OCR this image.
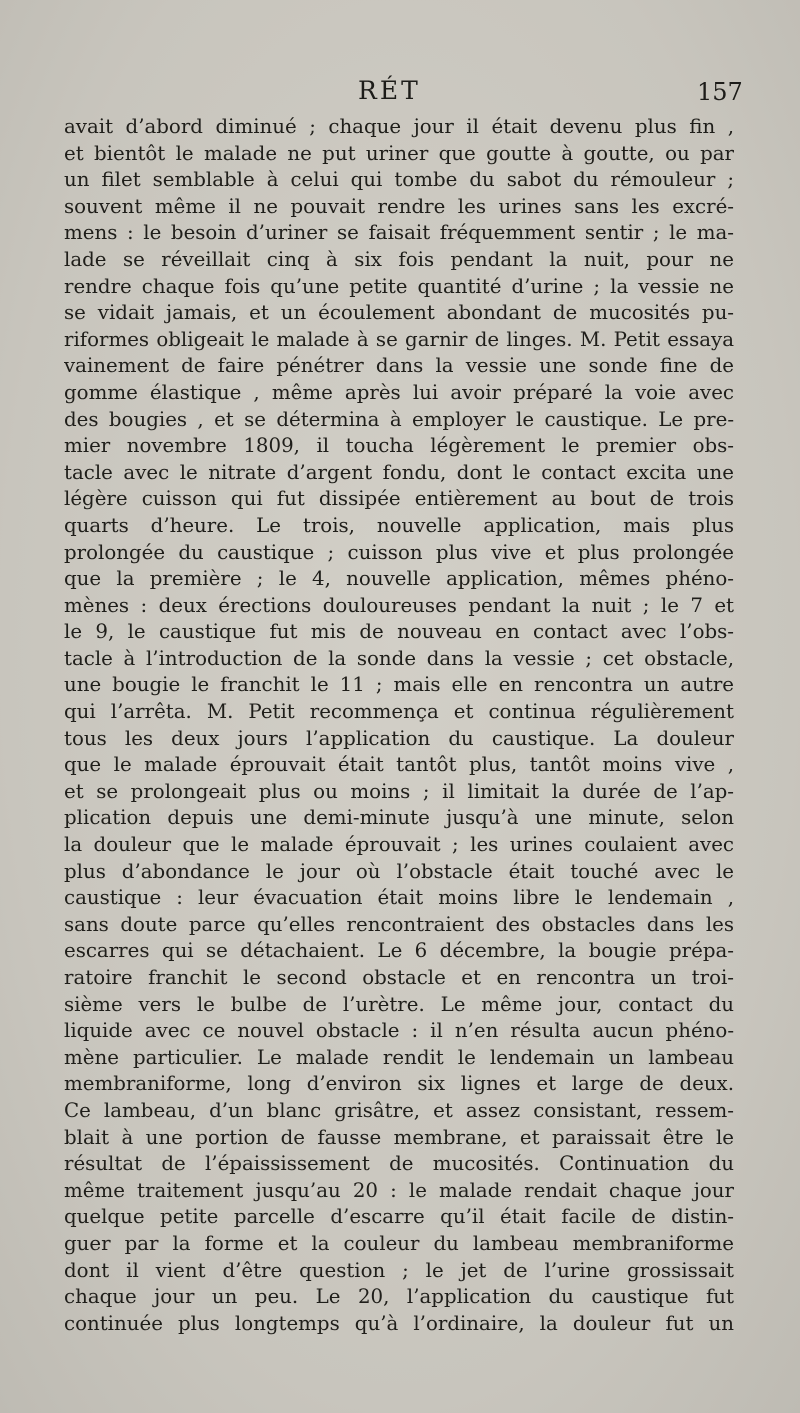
RÉT	157
avait d’abord diminué ; chaque jour il était devenu plus fin ,
et bientôt le malade ne put uriner que goutte à goutte, ou par
un filet semblable à celui qui tombe du sabot du rémouleur ;
souvent même il ne pouvait rendre les urines sans les excré-
mens : le besoin d’uriner se faisait fréquemment sentir ; le ma-
lade se réveillait cinq à six fois pendant la nuit, pour ne
rendre chaque fois qu’une petite quantité d’urine ; la vessie ne
se vidait jamais, et un écoulement abondant de mucosités pu-
riformes obligeait le malade à se garnir de linges. M. Petit essaya
vainement de faire pénétrer dans la vessie une sonde fine de
gomme élastique , même après lui avoir préparé la voie avec
des bougies , et se détermina à employer le caustique. Le pre-
mier novembre 1809, il toucha légèrement le premier obs-
tacle avec le nitrate d’argent fondu, dont le contact excita une
légère cuisson qui fut dissipée entièrement au bout de trois
quarts d’heure. Le trois, nouvelle application, mais plus
prolongée du caustique ; cuisson plus vive et plus prolongée
que la première ; le 4, nouvelle application, mêmes phéno-
mènes : deux érections douloureuses pendant la nuit ; le 7 et
le 9, le caustique fut mis de nouveau en contact avec l’obs-
tacle à l’introduction de la sonde dans la vessie ; cet obstacle,
une bougie le franchit le 11 ; mais elle en rencontra un autre
qui l’arrêta. M. Petit recommença et continua régulièrement
tous les deux jours l’application du caustique. La douleur
que le malade éprouvait était tantôt plus, tantôt moins vive ,
et se prolongeait plus ou moins ; il limitait la durée de l’ap-
plication depuis une demi-minute jusqu’à une minute, selon
la douleur que le malade éprouvait ; les urines coulaient avec
plus d’abondance le jour où l’obstacle était touché avec le
caustique : leur évacuation était moins libre le lendemain ,
sans doute parce qu’elles rencontraient des obstacles dans les
escarres qui se détachaient. Le 6 décembre, la bougie prépa-
ratoire franchit le second obstacle et en rencontra un troi-
sième vers le bulbe de l’urètre. Le même jour, contact du
liquide avec ce nouvel obstacle : il n’en résulta aucun phéno-
mène particulier. Le malade rendit le lendemain un lambeau
membraniforme, long d’environ six lignes et large de deux.
Ce lambeau, d’un blanc grisâtre, et assez consistant, ressem-
blait à une portion de fausse membrane, et paraissait être le
résultat de l’épaississement de mucosités. Continuation du
même traitement jusqu’au 20 : le malade rendait chaque jour
quelque petite parcelle d’escarre qu’il était facile de distin-
guer par la forme et la couleur du lambeau membraniforme
dont il vient d’être question ; le jet de l’urine grossissait
chaque jour un peu. Le 20, l’application du caustique fut
continuée plus longtemps qu’à l’ordinaire, la douleur fut un
